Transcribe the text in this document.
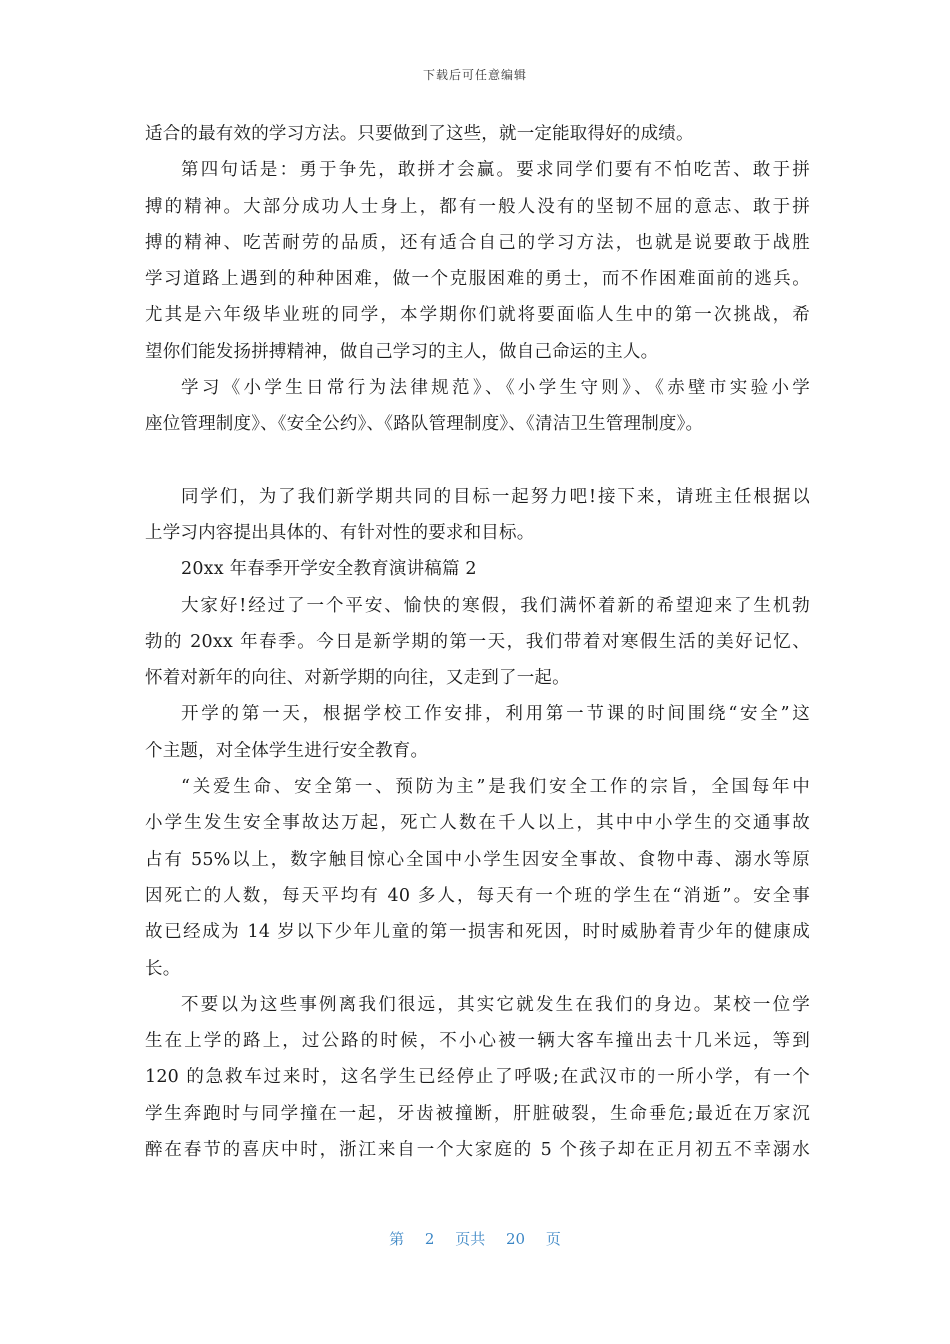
下载后可任意编辑
适合的最有效的学习方法。只要做到了这些，就一定能取得好的成绩。
第四句话是：勇于争先，敢拼才会赢。要求同学们要有不怕吃苦、敢于拼
搏的精神。大部分成功人士身上，都有一般人没有的坚韧不屈的意志、敢于拼
搏的精神、吃苦耐劳的品质，还有适合自己的学习方法，也就是说要敢于战胜
学习道路上遇到的种种困难，做一个克服困难的勇士，而不作困难面前的逃兵。
尤其是六年级毕业班的同学，本学期你们就将要面临人生中的第一次挑战，希
望你们能发扬拼搏精神，做自己学习的主人，做自己命运的主人。
学习《小学生日常行为法律规范》、《小学生守则》、《赤壁市实验小学
座位管理制度》、《安全公约》、《路队管理制度》、《清洁卫生管理制度》。
同学们，为了我们新学期共同的目标一起努力吧!接下来，请班主任根据以
上学习内容提出具体的、有针对性的要求和目标。
20xx 年春季开学安全教育演讲稿篇 2
大家好!经过了一个平安、愉快的寒假，我们满怀着新的希望迎来了生机勃
勃的 20xx 年春季。今日是新学期的第一天，我们带着对寒假生活的美好记忆、
怀着对新年的向往、对新学期的向往，又走到了一起。
开学的第一天，根据学校工作安排，利用第一节课的时间围绕“安全”这
个主题，对全体学生进行安全教育。
“关爱生命、安全第一、预防为主”是我们安全工作的宗旨，全国每年中
小学生发生安全事故达万起，死亡人数在千人以上，其中中小学生的交通事故
占有 55%以上，数字触目惊心全国中小学生因安全事故、食物中毒、溺水等原
因死亡的人数，每天平均有 40 多人，每天有一个班的学生在“消逝”。安全事
故已经成为 14 岁以下少年儿童的第一损害和死因，时时威胁着青少年的健康成
长。
不要以为这些事例离我们很远，其实它就发生在我们的身边。某校一位学
生在上学的路上，过公路的时候，不小心被一辆大客车撞出去十几米远，等到
120 的急救车过来时，这名学生已经停止了呼吸;在武汉市的一所小学，有一个
学生奔跑时与同学撞在一起，牙齿被撞断，肝脏破裂，生命垂危;最近在万家沉
醉在春节的喜庆中时，浙江来自一个大家庭的 5 个孩子却在正月初五不幸溺水
第 2 页共 20 页
